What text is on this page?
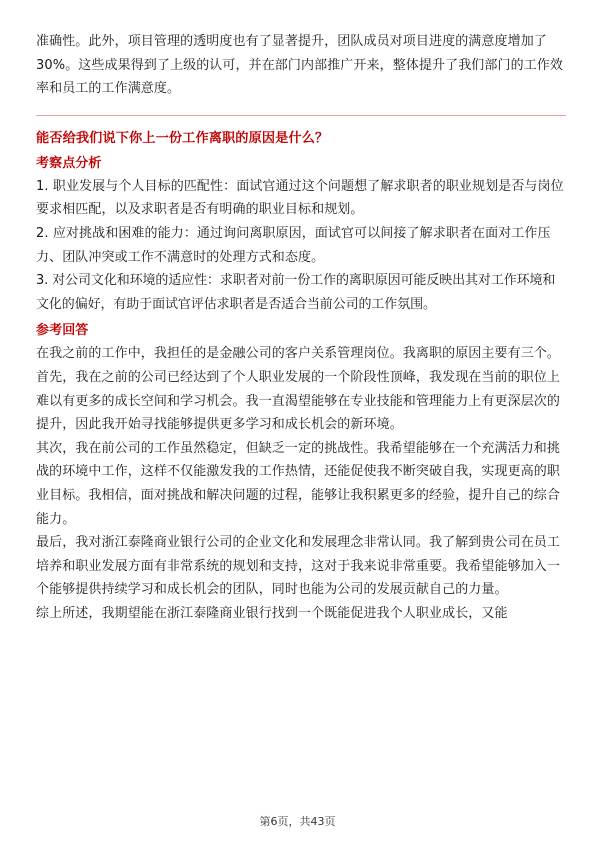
准确性。此外，项目管理的透明度也有了显著提升，团队成员对项目进度的满意度增加了30%。这些成果得到了上级的认可，并在部门内部推广开来，整体提升了我们部门的工作效率和员工的工作满意度。

能否给我们说下你上一份工作离职的原因是什么？

考察点分析

1. 职业发展与个人目标的匹配性：面试官通过这个问题想了解求职者的职业规划是否与岗位要求相匹配，以及求职者是否有明确的职业目标和规划。

2. 应对挑战和困难的能力：通过询问离职原因，面试官可以间接了解求职者在面对工作压力、团队冲突或工作不满意时的处理方式和态度。

3. 对公司文化和环境的适应性：求职者对前一份工作的离职原因可能反映出其对工作环境和文化的偏好，有助于面试官评估求职者是否适合当前公司的工作氛围。

参考回答

在我之前的工作中，我担任的是金融公司的客户关系管理岗位。我离职的原因主要有三个。首先，我在之前的公司已经达到了个人职业发展的一个阶段性顶峰，我发现在当前的职位上难以有更多的成长空间和学习机会。我一直渴望能够在专业技能和管理能力上有更深层次的提升，因此我开始寻找能够提供更多学习和成长机会的新环境。

其次，我在前公司的工作虽然稳定，但缺乏一定的挑战性。我希望能够在一个充满活力和挑战的环境中工作，这样不仅能激发我的工作热情，还能促使我不断突破自我，实现更高的职业目标。我相信，面对挑战和解决问题的过程，能够让我积累更多的经验，提升自己的综合能力。

最后，我对浙江泰隆商业银行公司的企业文化和发展理念非常认同。我了解到贵公司在员工培养和职业发展方面有非常系统的规划和支持，这对于我来说非常重要。我希望能够加入一个能够提供持续学习和成长机会的团队，同时也能为公司的发展贡献自己的力量。

综上所述，我期望能在浙江泰隆商业银行找到一个既能促进我个人职业成长，又能

第6页，共43页
